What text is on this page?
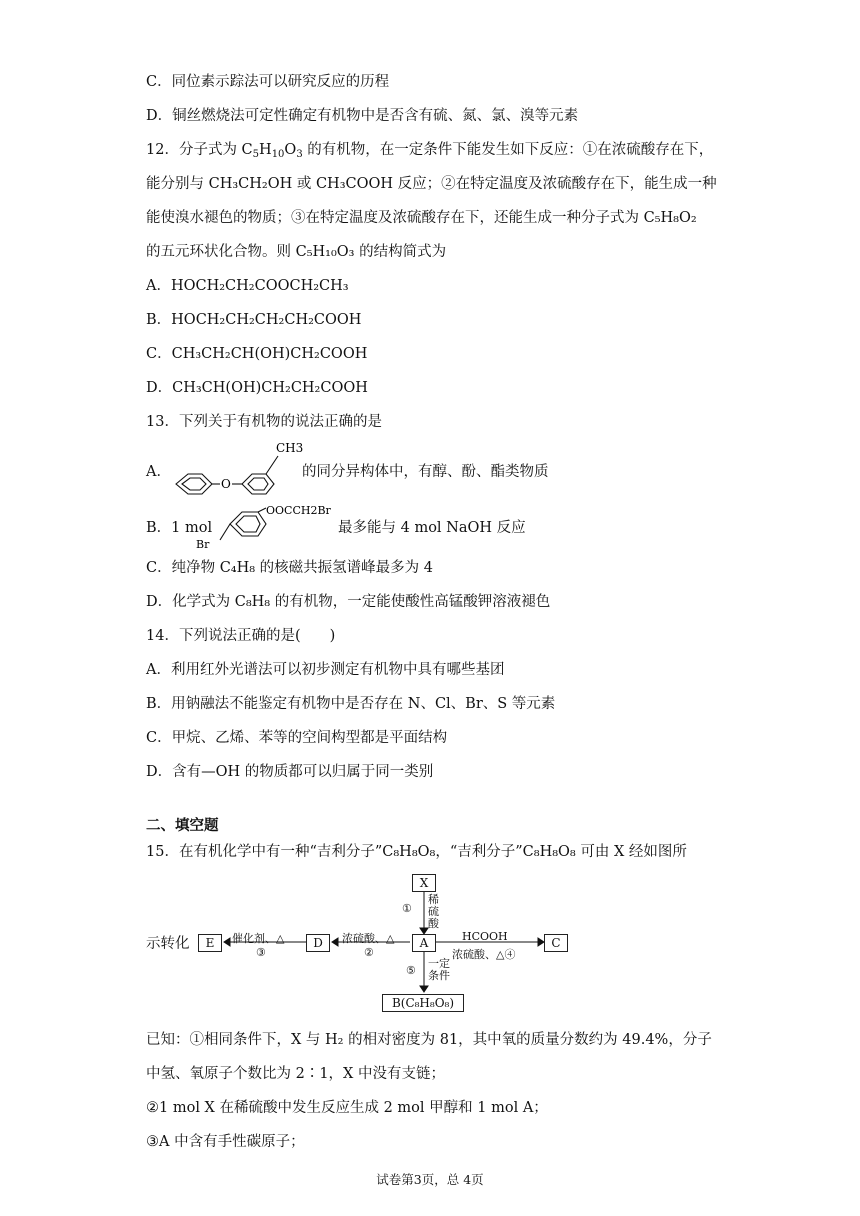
C．同位素示踪法可以研究反应的历程
D．铜丝燃烧法可定性确定有机物中是否含有硫、氮、氯、溴等元素
12．分子式为 $C_5H_{10}O_3$ 的有机物，在一定条件下能发生如下反应：①在浓硫酸存在下，
能分别与 CH₃CH₂OH 或 CH₃COOH 反应；②在特定温度及浓硫酸存在下，能生成一种
能使溴水褪色的物质；③在特定温度及浓硫酸存在下，还能生成一种分子式为 C₅H₈O₂
的五元环状化合物。则 C₅H₁₀O₃ 的结构简式为
A．HOCH₂CH₂COOCH₂CH₃
B．HOCH₂CH₂CH₂CH₂COOH
C．CH₃CH₂CH(OH)CH₂COOH
D．CH₃CH(OH)CH₂CH₂COOH
13．下列关于有机物的说法正确的是
A．
O
CH3
的同分异构体中，有醇、酚、酯类物质
B．1 mol
Br
OOCCH2Br
最多能与 4 mol NaOH 反应
C．纯净物 C₄H₈ 的核磁共振氢谱峰最多为 4
D．化学式为 C₈H₈ 的有机物，一定能使酸性高锰酸钾溶液褪色
14．下列说法正确的是(　　)
A．利用红外光谱法可以初步测定有机物中具有哪些基团
B．用钠融法不能鉴定有机物中是否存在 N、Cl、Br、S 等元素
C．甲烷、乙烯、苯等的空间构型都是平面结构
D．含有—OH 的物质都可以归属于同一类别
二、填空题
15．在有机化学中有一种“吉利分子”C₈H₈O₈，“吉利分子”C₈H₈O₈ 可由 X 经如图所
示转化
X
A
D
E	C
B(C₈H₈O₈)
①
稀硫酸
浓硫酸、△
②
催化剂、△
③
HCOOH
浓硫酸、△④
⑤
一定条件
已知：①相同条件下，X 与 H₂ 的相对密度为 81，其中氧的质量分数约为 49.4%，分子
中氢、氧原子个数比为 2∶1，X 中没有支链；
②1 mol X 在稀硫酸中发生反应生成 2 mol 甲醇和 1 mol A；
③A 中含有手性碳原子；
试卷第3页，总 4页
